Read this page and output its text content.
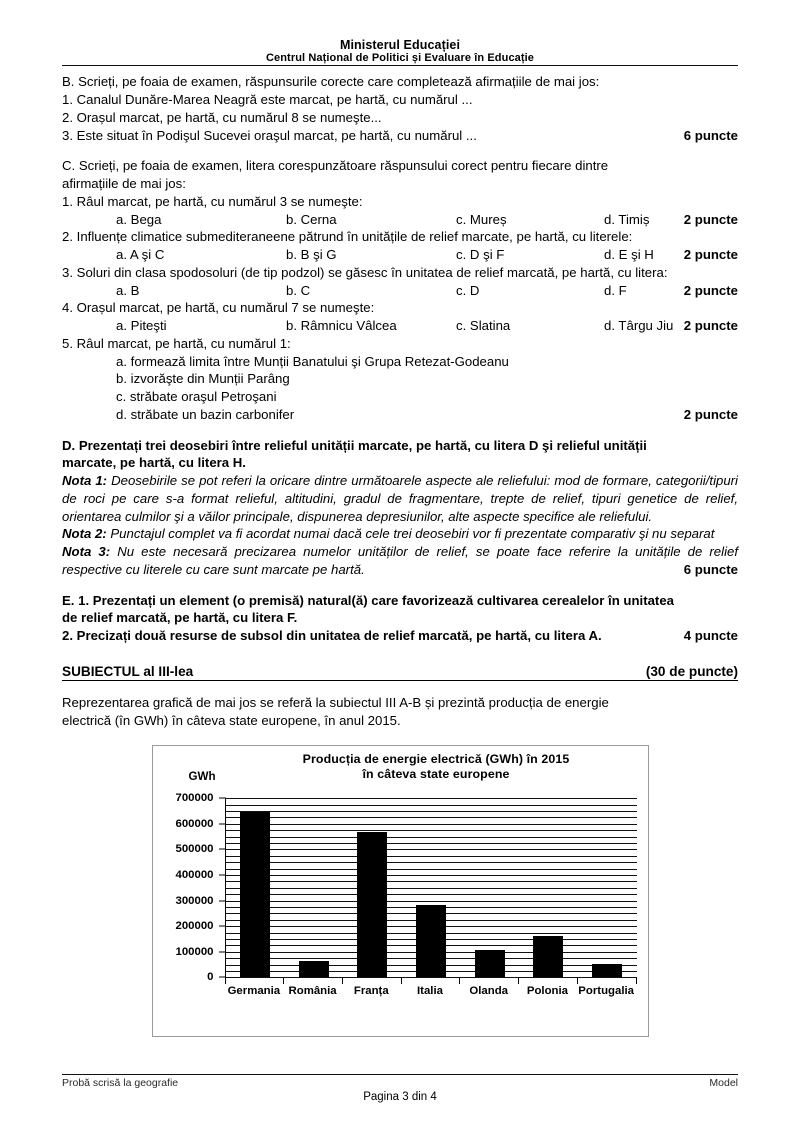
Ministerul Educației
Centrul Național de Politici și Evaluare în Educație
B. Scrieți, pe foaia de examen, răspunsurile corecte care completează afirmațiile de mai jos:
1. Canalul Dunăre-Marea Neagră este marcat, pe hartă, cu numărul ...
2. Orașul marcat, pe hartă, cu numărul 8 se numeşte...
3. Este situat în Podişul Sucevei oraşul marcat, pe hartă, cu numărul ...	6 puncte
C. Scrieți, pe foaia de examen, litera corespunzătoare răspunsului corect pentru fiecare dintre
afirmațiile de mai jos:
1. Râul marcat, pe hartă, cu numărul 3 se numeşte:
a. Bega	b. Cerna	c. Mureș	d. Timiș	2 puncte
2. Influențe climatice submediteraneene pătrund în unitățile de relief marcate, pe hartă, cu literele:
a. A şi C	b. B şi G	c. D şi F	d. E şi H 2 puncte
3. Soluri din clasa spodosoluri (de tip podzol) se găsesc în unitatea de relief marcată, pe hartă, cu litera:
a. B	b. C	c. D	d. F	2 puncte
4. Orașul marcat, pe hartă, cu numărul 7 se numeşte:
a. Piteşti	b. Râmnicu Vâlcea	c. Slatina	d. Târgu Jiu 2 puncte
5. Râul marcat, pe hartă, cu numărul 1:
a. formează limita între Munții Banatului şi Grupa Retezat-Godeanu
b. izvorăşte din Munții Parâng
c. străbate oraşul Petroşani
d. străbate un bazin carbonifer	2 puncte
D. Prezentați trei deosebiri între relieful unității marcate, pe hartă, cu litera D şi relieful unității
marcate, pe hartă, cu litera H.
Nota 1: Deosebirile se pot referi la oricare dintre următoarele aspecte ale reliefului: mod de formare, categorii/tipuri de roci pe care s-a format relieful, altitudini, gradul de fragmentare, trepte de relief, tipuri genetice de relief, orientarea culmilor şi a văilor principale, dispunerea depresiunilor, alte aspecte specifice ale reliefului.
Nota 2: Punctajul complet va fi acordat numai dacă cele trei deosebiri vor fi prezentate comparativ şi nu separat
Nota 3: Nu este necesară precizarea numelor unităților de relief, se poate face referire la unitățile de relief respective cu literele cu care sunt marcate pe hartă.	6 puncte
E. 1. Prezentați un element (o premisă) natural(ă) care favorizează cultivarea cerealelor în unitatea
de relief marcată, pe hartă, cu litera F.
2. Precizați două resurse de subsol din unitatea de relief marcată, pe hartă, cu litera A.	4 puncte
SUBIECTUL al III-lea	(30 de puncte)
Reprezentarea grafică de mai jos se referă la subiectul III A-B și prezintă producția de energie
electrică (în GWh) în câteva state europene, în anul 2015.
Producția de energie electrică (GWh) în 2015
în câteva state europene
GWh
0
100000
200000
300000
400000
500000
600000
700000
Germania România Franța Italia Olanda Polonia Portugalia
Probă scrisă la geografie	Model
Pagina 3 din 4
